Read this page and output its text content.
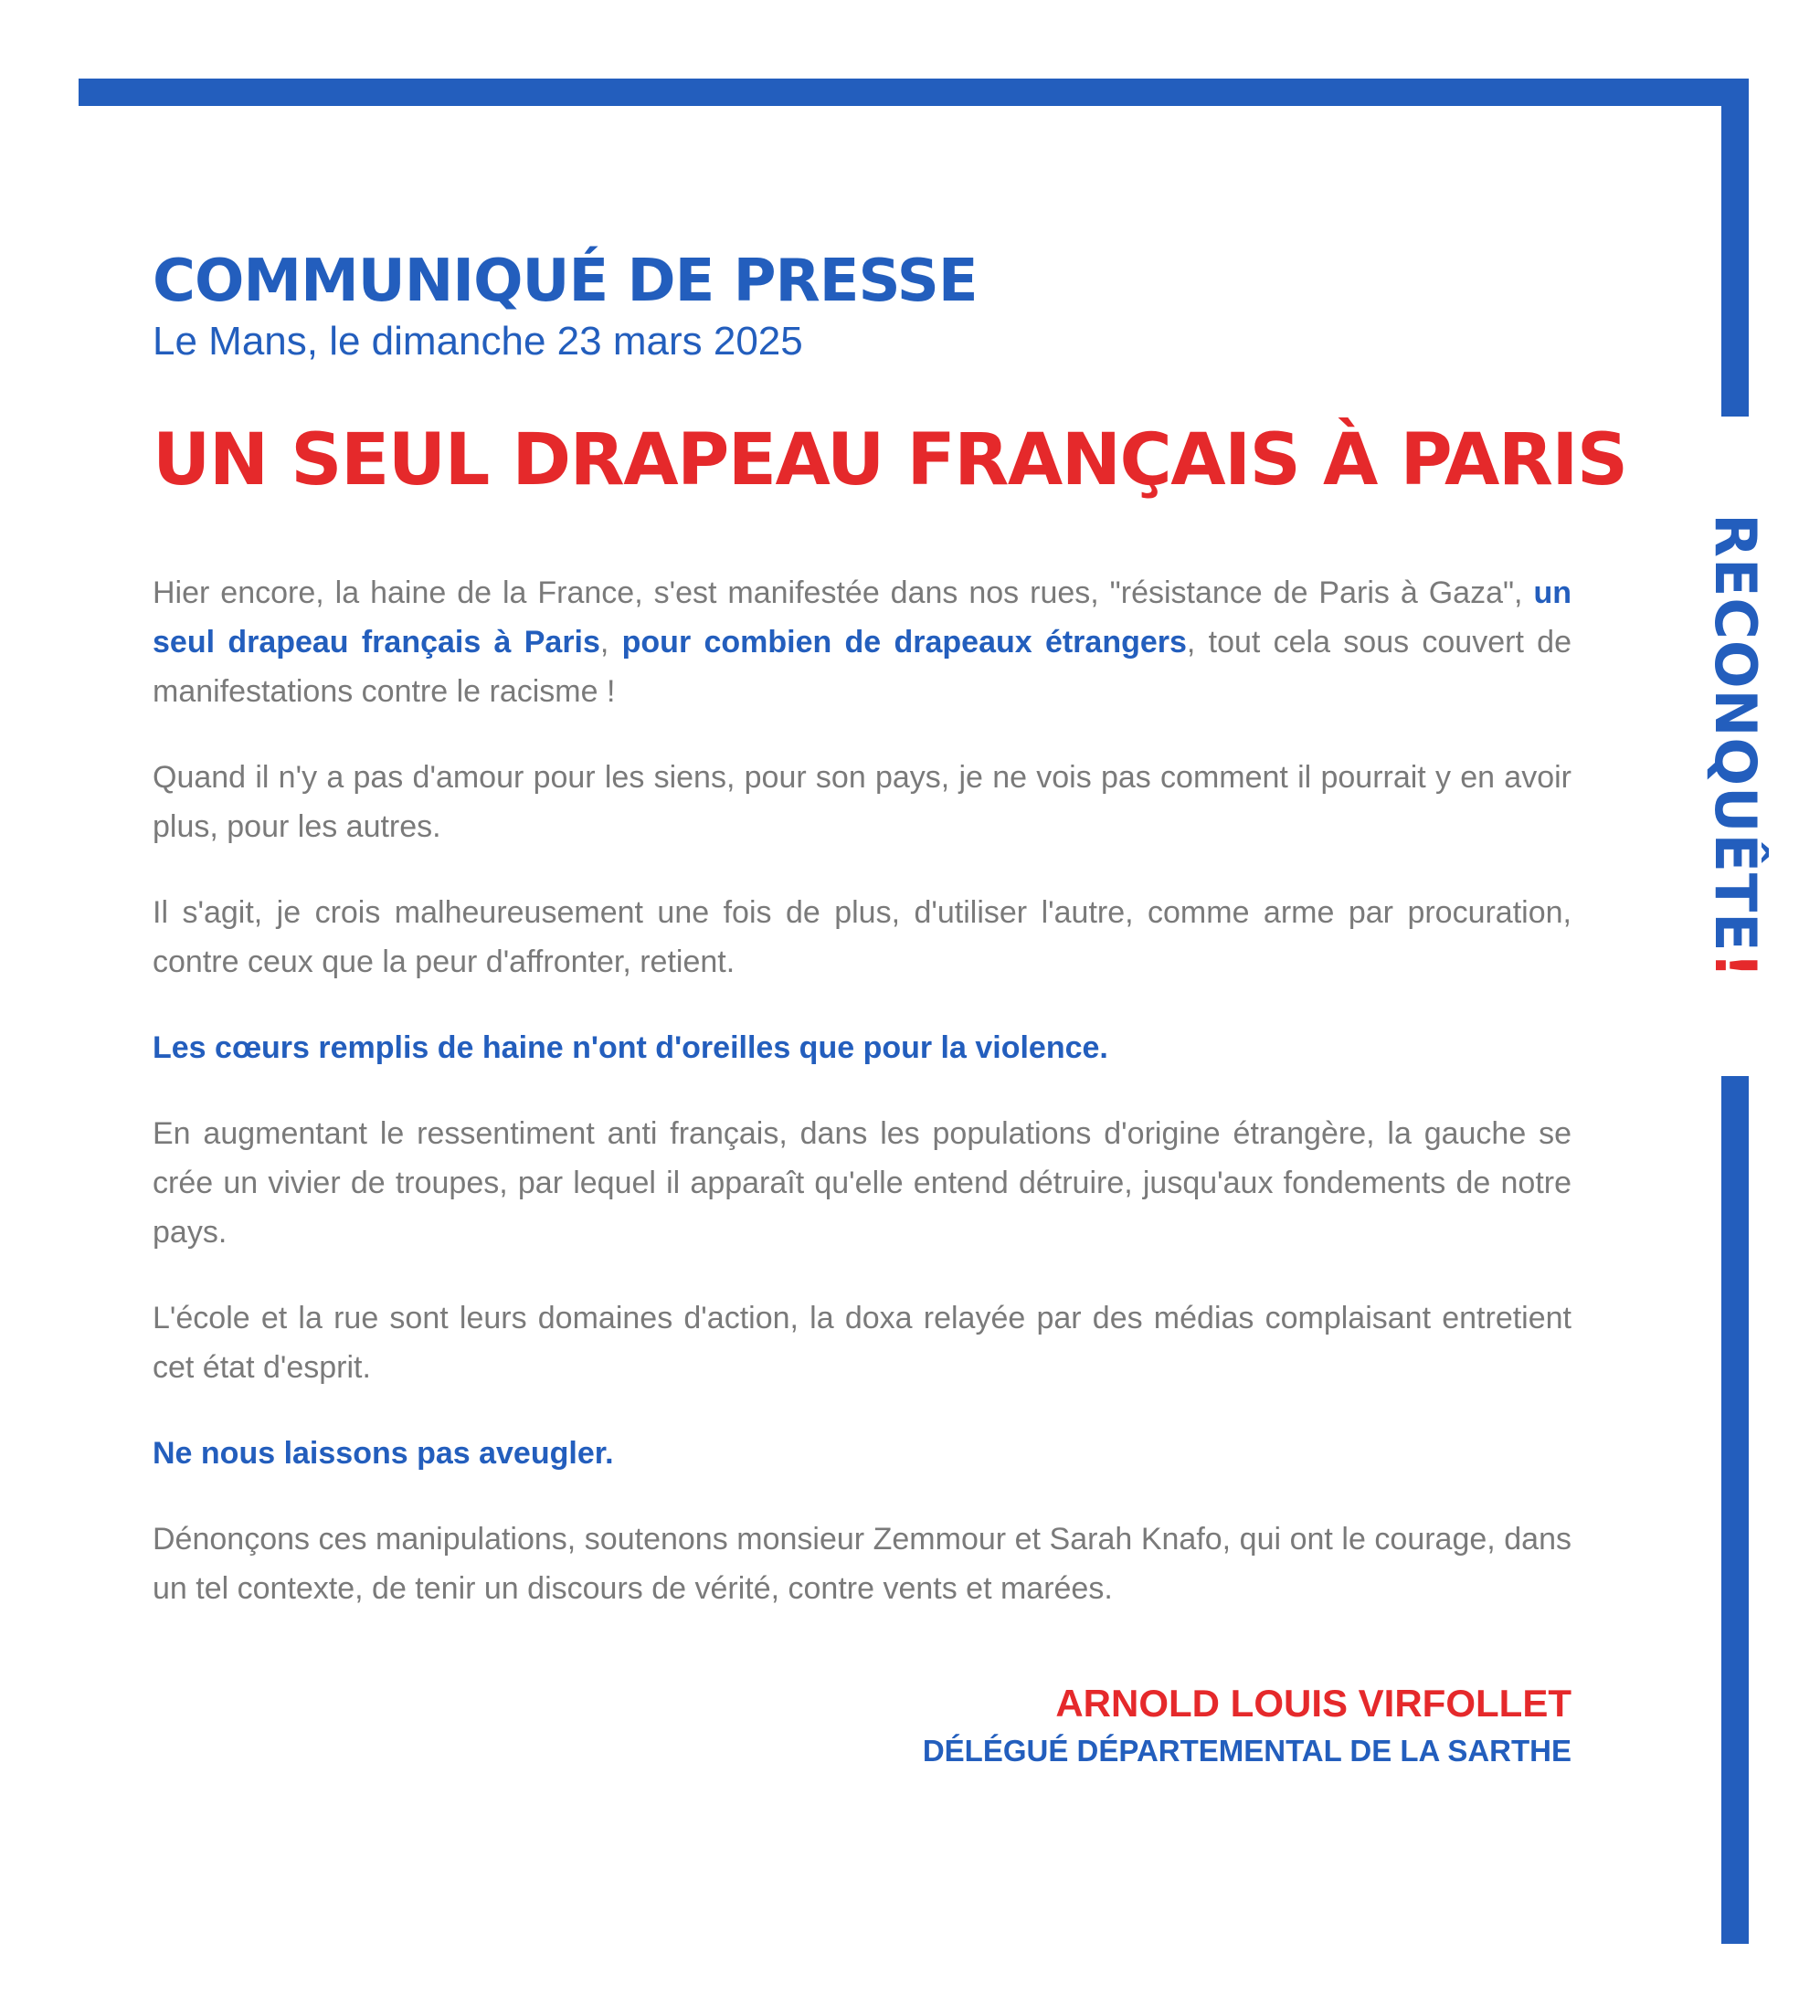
RECONQUÊTE!

COMMUNIQUÉ DE PRESSE

Le Mans, le dimanche 23 mars 2025

UN SEUL DRAPEAU FRANÇAIS À PARIS

Hier encore, la haine de la France, s'est manifestée dans nos rues, "résistance de Paris à Gaza", un seul drapeau français à Paris, pour combien de drapeaux étrangers, tout cela sous couvert de manifestations contre le racisme !

Quand il n'y a pas d'amour pour les siens, pour son pays, je ne vois pas comment il pourrait y en avoir plus, pour les autres.

Il s'agit, je crois malheureusement une fois de plus, d'utiliser l'autre, comme arme par procuration, contre ceux que la peur d'affronter, retient.

Les cœurs remplis de haine n'ont d'oreilles que pour la violence.

En augmentant le ressentiment anti français, dans les populations d'origine étrangère, la gauche se crée un vivier de troupes, par lequel il apparaît qu'elle entend détruire, jusqu'aux fondements de notre pays.

L'école et la rue sont leurs domaines d'action, la doxa relayée par des médias complaisant entretient cet état d'esprit.

Ne nous laissons pas aveugler.

Dénonçons ces manipulations, soutenons monsieur Zemmour et Sarah Knafo, qui ont le courage, dans un tel contexte, de tenir un discours de vérité, contre vents et marées.

ARNOLD LOUIS VIRFOLLET
DÉLÉGUÉ DÉPARTEMENTAL DE LA SARTHE
